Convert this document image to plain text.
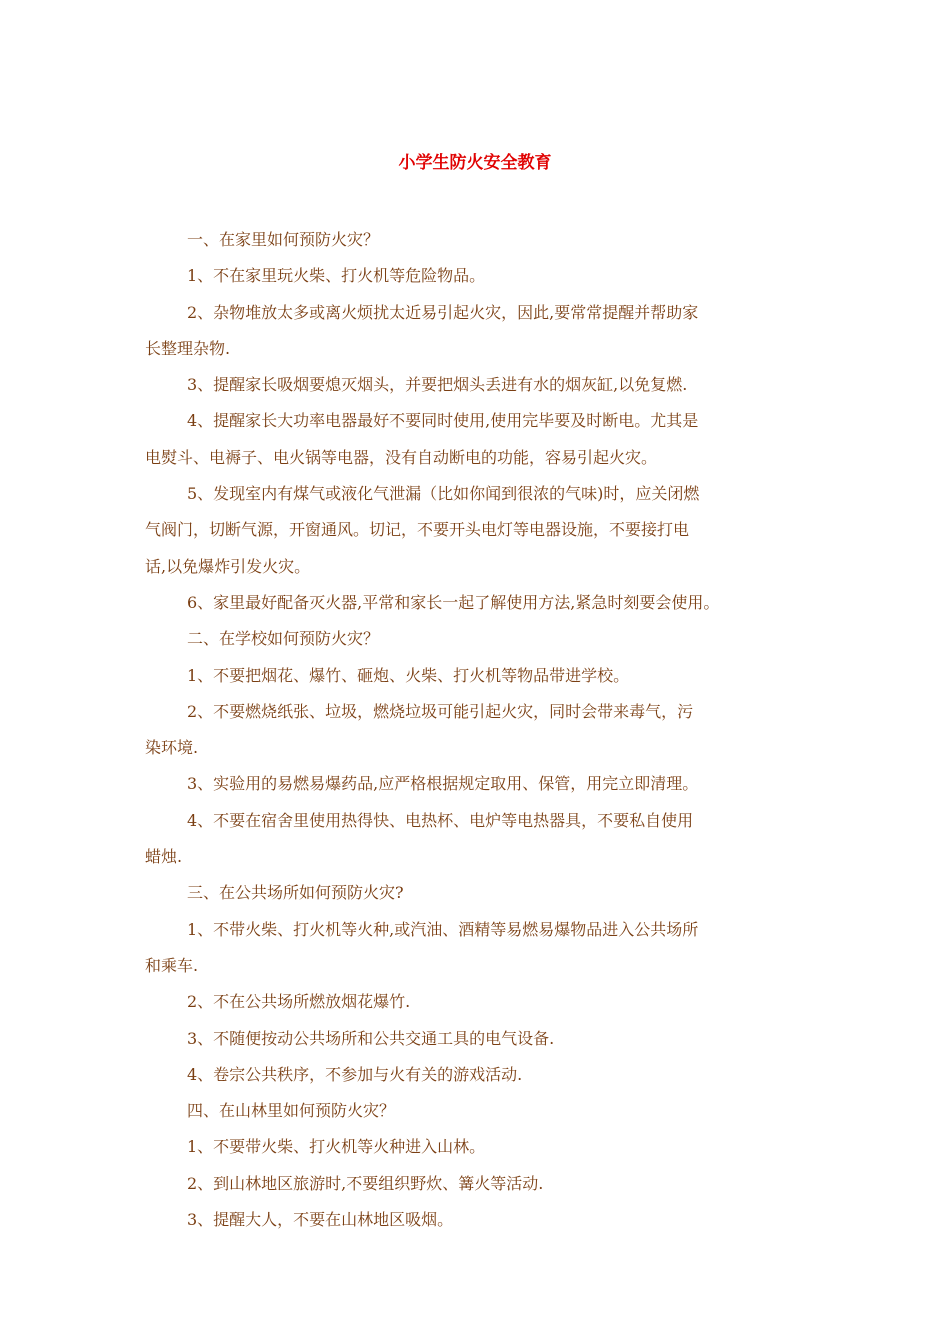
小学生防火安全教育

一、在家里如何预防火灾？

1、不在家里玩火柴、打火机等危险物品。

2、杂物堆放太多或离火烦扰太近易引起火灾，因此,要常常提醒并帮助家

长整理杂物.

3、提醒家长吸烟要熄灭烟头，并要把烟头丢进有水的烟灰缸,以免复燃.

4、提醒家长大功率电器最好不要同时使用,使用完毕要及时断电。尤其是

电熨斗、电褥子、电火锅等电器，没有自动断电的功能，容易引起火灾。

5、发现室内有煤气或液化气泄漏（比如你闻到很浓的气味)时，应关闭燃

气阀门，切断气源，开窗通风。切记，不要开头电灯等电器设施，不要接打电

话,以免爆炸引发火灾。

6、家里最好配备灭火器,平常和家长一起了解使用方法,紧急时刻要会使用。

二、在学校如何预防火灾？

1、不要把烟花、爆竹、砸炮、火柴、打火机等物品带进学校。

2、不要燃烧纸张、垃圾，燃烧垃圾可能引起火灾，同时会带来毒气，污

染环境.

3、实验用的易燃易爆药品,应严格根据规定取用、保管，用完立即清理。

4、不要在宿舍里使用热得快、电热杯、电炉等电热器具，不要私自使用

蜡烛.

三、在公共场所如何预防火灾?

1、不带火柴、打火机等火种,或汽油、酒精等易燃易爆物品进入公共场所

和乘车.

2、不在公共场所燃放烟花爆竹.

3、不随便按动公共场所和公共交通工具的电气设备.

4、卷宗公共秩序，不参加与火有关的游戏活动.

四、在山林里如何预防火灾？

1、不要带火柴、打火机等火种进入山林。

2、到山林地区旅游时,不要组织野炊、篝火等活动.

3、提醒大人，不要在山林地区吸烟。
